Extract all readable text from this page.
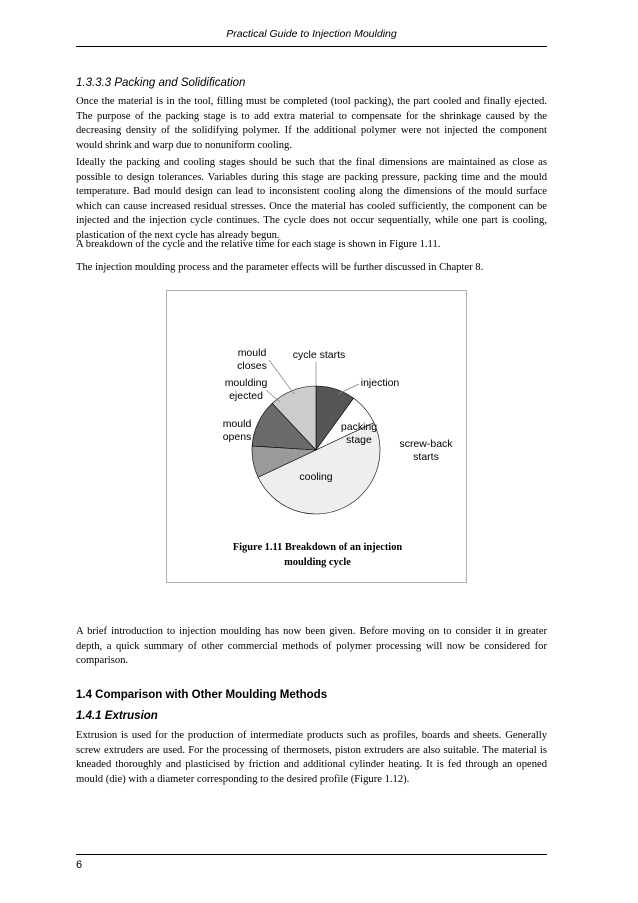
Practical Guide to Injection Moulding
1.3.3.3 Packing and Solidification

Once the material is in the tool, filling must be completed (tool packing), the part cooled and finally ejected. The purpose of the packing stage is to add extra material to compensate for the shrinkage caused by the decreasing density of the solidifying polymer. If the additional polymer were not injected the component would shrink and warp due to nonuniform cooling.

Ideally the packing and cooling stages should be such that the final dimensions are maintained as close as possible to design tolerances. Variables during this stage are packing pressure, packing time and the mould temperature. Bad mould design can lead to inconsistent cooling along the dimensions of the mould surface which can cause increased residual stresses. Once the material has cooled sufficiently, the component can be injected and the injection cycle continues. The cycle does not occur sequentially, while one part is cooling, plastication of the next cycle has already begun.

A breakdown of the cycle and the relative time for each stage is shown in Figure 1.11.

The injection moulding process and the parameter effects will be further discussed in Chapter 8.

cycle starts
injection
packing stage	screw-back starts
cooling
mould opens
moulding ejected
mould closes
Figure 1.11 Breakdown of an injection
moulding cycle

A brief introduction to injection moulding has now been given. Before moving on to consider it in greater depth, a quick summary of other commercial methods of polymer processing will now be considered for comparison.

1.4 Comparison with Other Moulding Methods
1.4.1 Extrusion

Extrusion is used for the production of intermediate products such as profiles, boards and sheets. Generally screw extruders are used. For the processing of thermosets, piston extruders are also suitable. The material is kneaded thoroughly and plasticised by friction and additional cylinder heating. It is fed through an opened mould (die) with a diameter corresponding to the desired profile (Figure 1.12).

6
